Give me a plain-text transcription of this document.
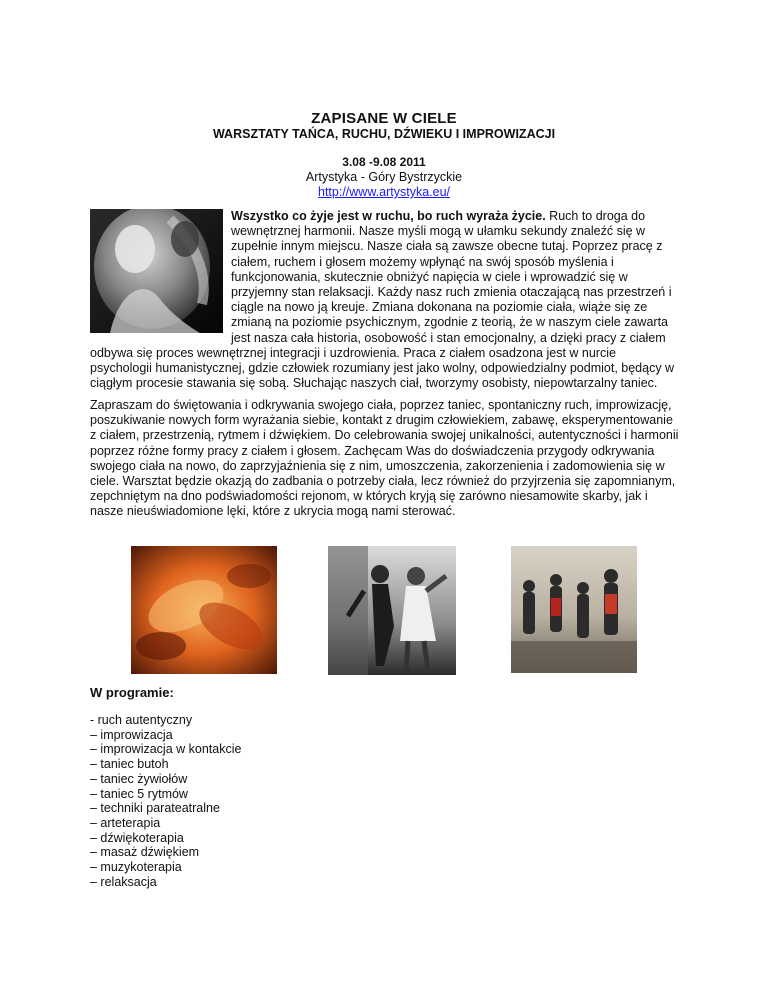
ZAPISANE W CIELE
WARSZTATY TAŃCA, RUCHU, DŹWIEKU I IMPROWIZACJI
3.08 -9.08 2011
Artystyka - Góry Bystrzyckie
http://www.artystyka.eu/
Wszystko co żyje jest w ruchu, bo ruch wyraża życie. Ruch to droga do wewnętrznej harmonii. Nasze myśli mogą w ułamku sekundy znaleźć się w zupełnie innym miejscu. Nasze ciała są zawsze obecne tutaj. Poprzez pracę z ciałem, ruchem i głosem możemy wpłynąć na swój sposób myślenia i funkcjonowania, skutecznie obniżyć napięcia w ciele i wprowadzić się w przyjemny stan relaksacji. Każdy nasz ruch zmienia otaczającą nas przestrzeń i ciągle na nowo ją kreuje. Zmiana dokonana na poziomie ciała, wiąże się ze zmianą na poziomie psychicznym, zgodnie z teorią, że w naszym ciele zawarta jest nasza cała historia, osobowość i stan emocjonalny, a dzięki pracy z ciałem odbywa się proces wewnętrznej integracji i uzdrowienia. Praca z ciałem osadzona jest w nurcie psychologii humanistycznej, gdzie człowiek rozumiany jest jako wolny, odpowiedzialny podmiot, będący w ciągłym procesie stawania się sobą. Słuchając naszych ciał, tworzymy osobisty, niepowtarzalny taniec.
Zapraszam do świętowania i odkrywania swojego ciała, poprzez taniec, spontaniczny ruch, improwizację, poszukiwanie nowych form wyrażania siebie, kontakt z drugim człowiekiem, zabawę, eksperymentowanie z ciałem, przestrzenią, rytmem i dźwiękiem. Do celebrowania swojej unikalności, autentyczności i harmonii poprzez różne formy pracy z ciałem i głosem. Zachęcam Was do doświadczenia przygody odkrywania swojego ciała na nowo, do zaprzyjaźnienia się z nim, umoszczenia, zakorzenienia i zadomowienia się w ciele. Warsztat będzie okazją do zadbania o potrzeby ciała, lecz również do przyjrzenia się zapomnianym, zepchniętym na dno podświadomości rejonom, w których kryją się zarówno niesamowite skarby, jak i nasze nieuświadomione lęki, które z ukrycia mogą nami sterować.
W programie:
- ruch autentyczny
– improwizacja
– improwizacja w kontakcie
– taniec butoh
– taniec żywiołów
– taniec 5 rytmów
– techniki parateatralne
– arteterapia
– dźwiękoterapia
– masaż dźwiękiem
– muzykoterapia
– relaksacja
